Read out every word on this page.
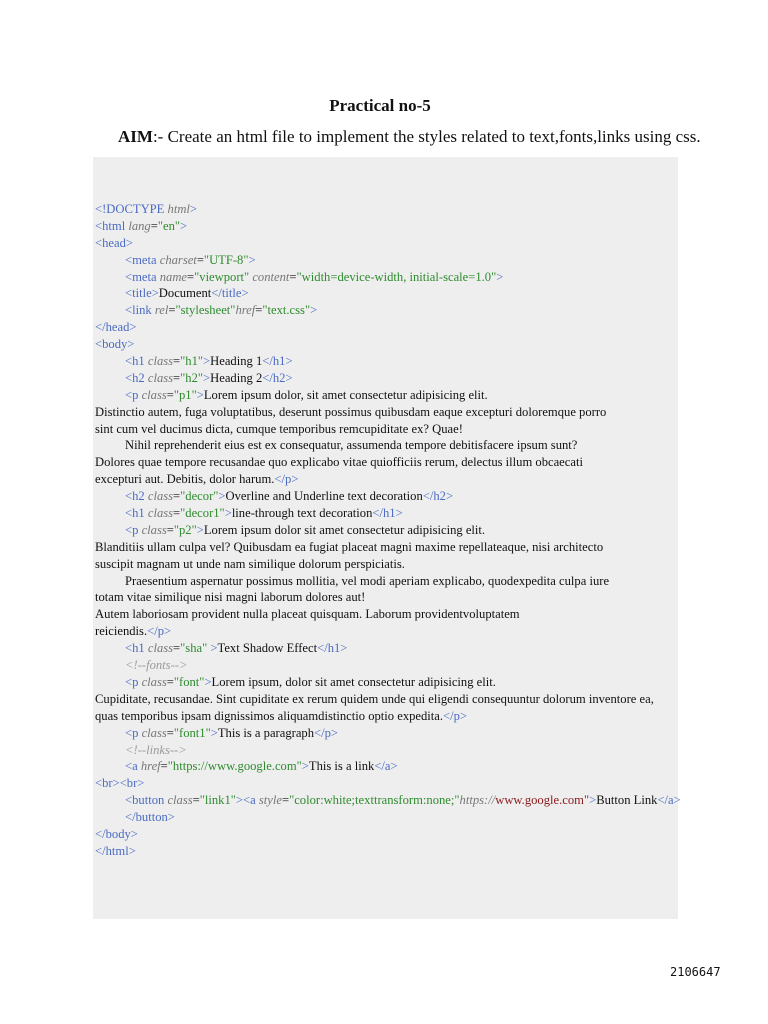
Practical no-5
AIM:- Create an html file to implement the styles related to text,fonts,links using css.
<!DOCTYPE html>
<html lang="en">
<head>
<meta charset="UTF-8">
<meta name="viewport" content="width=device-width, initial-scale=1.0">
<title>Document</title>
<link rel="stylesheet"href="text.css">
</head>
<body>
<h1 class="h1">Heading 1</h1>
<h2 class="h2">Heading 2</h2>
<p class="p1">Lorem ipsum dolor, sit amet consectetur adipisicing elit.
Distinctio autem, fuga voluptatibus, deserunt possimus quibusdam eaque excepturi doloremque porro
sint cum vel ducimus dicta, cumque temporibus remcupiditate ex? Quae!
Nihil reprehenderit eius est ex consequatur, assumenda tempore debitisfacere ipsum sunt?
Dolores quae tempore recusandae quo explicabo vitae quiofficiis rerum, delectus illum obcaecati
excepturi aut. Debitis, dolor harum.</p>
<h2 class="decor">Overline and Underline text decoration</h2>
<h1 class="decor1">line-through text decoration</h1>
<p class="p2">Lorem ipsum dolor sit amet consectetur adipisicing elit.
Blanditiis ullam culpa vel? Quibusdam ea fugiat placeat magni maxime repellateaque, nisi architecto
suscipit magnam ut unde nam similique dolorum perspiciatis.
Praesentium aspernatur possimus mollitia, vel modi aperiam explicabo, quodexpedita culpa iure
totam vitae similique nisi magni laborum dolores aut!
Autem laboriosam provident nulla placeat quisquam. Laborum providentvoluptatem
reiciendis.</p>
<h1 class="sha" >Text Shadow Effect</h1>
<!--fonts-->
<p class="font">Lorem ipsum, dolor sit amet consectetur adipisicing elit.
Cupiditate, recusandae. Sint cupiditate ex rerum quidem unde qui eligendi consequuntur dolorum inventore ea,
quas temporibus ipsam dignissimos aliquamdistinctio optio expedita.</p>
<p class="font1">This is a paragraph</p>
<!--links-->
<a href="https://www.google.com">This is a link</a>
<br><br>
<button class="link1"><a style="color:white;texttransform:none;"https://www.google.com">Button Link</a>
</button>
</body>
</html>
2106647
